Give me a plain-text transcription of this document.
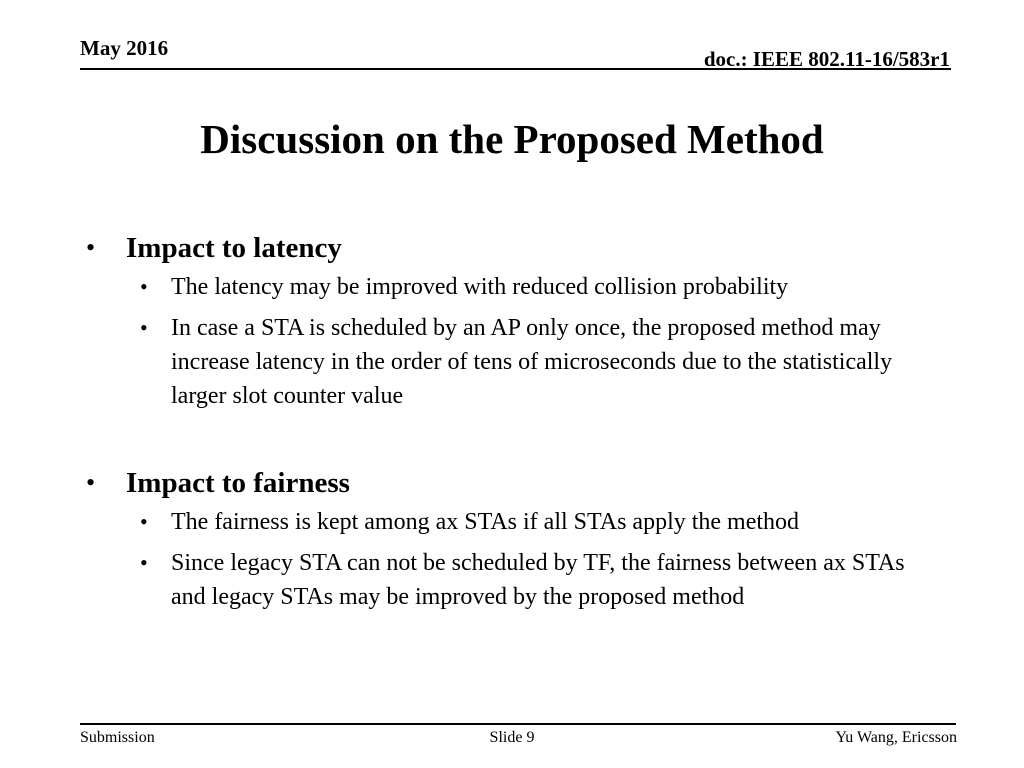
May 2016	doc.: IEEE 802.11-16/583r1
Discussion on the Proposed Method
•	Impact to latency
• The latency may be improved with reduced collision probability
• In case a STA is scheduled by an AP only once, the proposed method may increase latency in the order of tens of microseconds due to the statistically larger slot counter value
•	Impact to fairness
• The fairness is kept among ax STAs if all STAs apply the method
• Since legacy STA can not be scheduled by TF, the fairness between ax STAs and legacy STAs may be improved by the proposed method
Submission	Slide 9	Yu Wang, Ericsson
